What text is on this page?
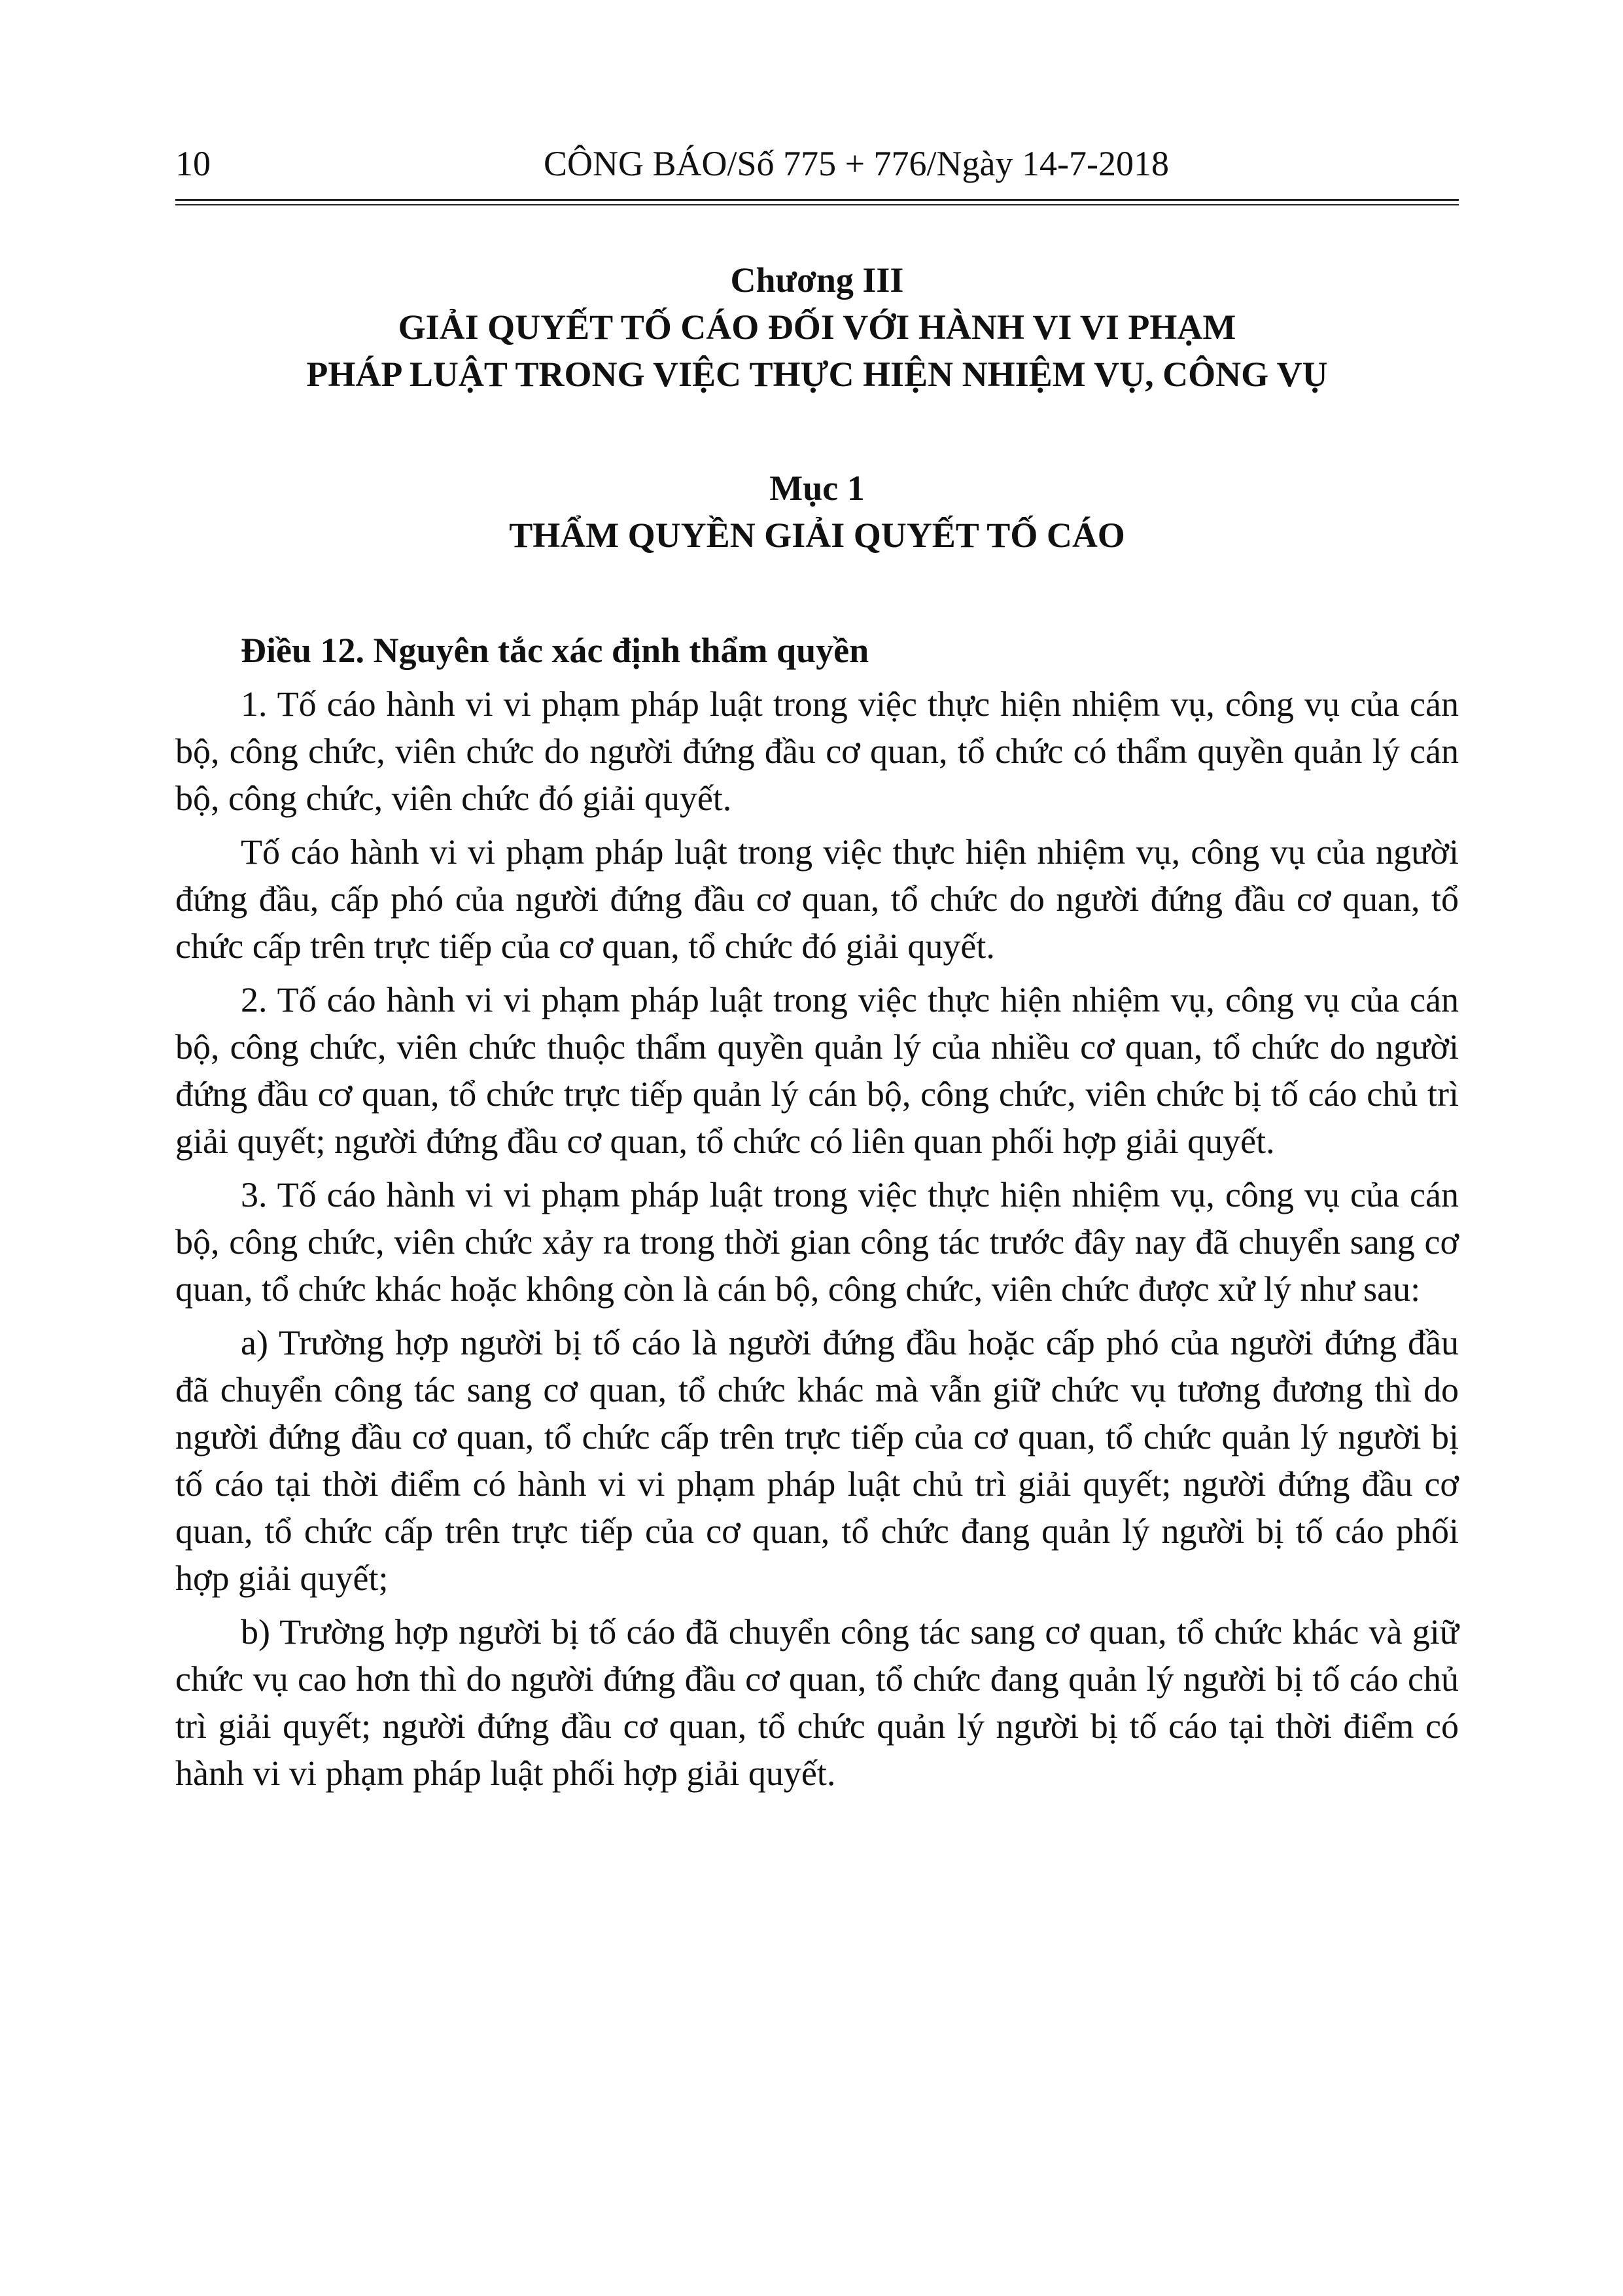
10	CÔNG BÁO/Số 775 + 776/Ngày 14-7-2018

Chương III

GIẢI QUYẾT TỐ CÁO ĐỐI VỚI HÀNH VI VI PHẠM

PHÁP LUẬT TRONG VIỆC THỰC HIỆN NHIỆM VỤ, CÔNG VỤ

Mục 1

THẨM QUYỀN GIẢI QUYẾT TỐ CÁO

Điều 12. Nguyên tắc xác định thẩm quyền

1. Tố cáo hành vi vi phạm pháp luật trong việc thực hiện nhiệm vụ, công vụ của cán bộ, công chức, viên chức do người đứng đầu cơ quan, tổ chức có thẩm quyền quản lý cán bộ, công chức, viên chức đó giải quyết.

Tố cáo hành vi vi phạm pháp luật trong việc thực hiện nhiệm vụ, công vụ của người đứng đầu, cấp phó của người đứng đầu cơ quan, tổ chức do người đứng đầu cơ quan, tổ chức cấp trên trực tiếp của cơ quan, tổ chức đó giải quyết.

2. Tố cáo hành vi vi phạm pháp luật trong việc thực hiện nhiệm vụ, công vụ của cán bộ, công chức, viên chức thuộc thẩm quyền quản lý của nhiều cơ quan, tổ chức do người đứng đầu cơ quan, tổ chức trực tiếp quản lý cán bộ, công chức, viên chức bị tố cáo chủ trì giải quyết; người đứng đầu cơ quan, tổ chức có liên quan phối hợp giải quyết.

3. Tố cáo hành vi vi phạm pháp luật trong việc thực hiện nhiệm vụ, công vụ của cán bộ, công chức, viên chức xảy ra trong thời gian công tác trước đây nay đã chuyển sang cơ quan, tổ chức khác hoặc không còn là cán bộ, công chức, viên chức được xử lý như sau:

a) Trường hợp người bị tố cáo là người đứng đầu hoặc cấp phó của người đứng đầu đã chuyển công tác sang cơ quan, tổ chức khác mà vẫn giữ chức vụ tương đương thì do người đứng đầu cơ quan, tổ chức cấp trên trực tiếp của cơ quan, tổ chức quản lý người bị tố cáo tại thời điểm có hành vi vi phạm pháp luật chủ trì giải quyết; người đứng đầu cơ quan, tổ chức cấp trên trực tiếp của cơ quan, tổ chức đang quản lý người bị tố cáo phối hợp giải quyết;

b) Trường hợp người bị tố cáo đã chuyển công tác sang cơ quan, tổ chức khác và giữ chức vụ cao hơn thì do người đứng đầu cơ quan, tổ chức đang quản lý người bị tố cáo chủ trì giải quyết; người đứng đầu cơ quan, tổ chức quản lý người bị tố cáo tại thời điểm có hành vi vi phạm pháp luật phối hợp giải quyết.
